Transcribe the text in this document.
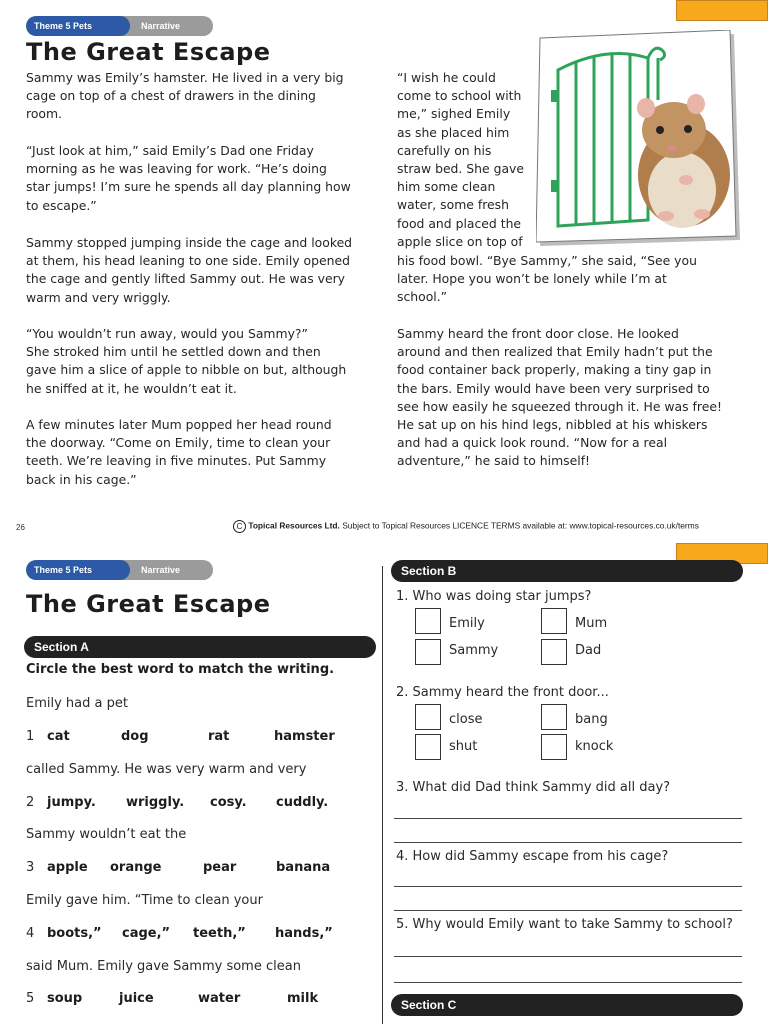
Theme 5 Pets	Narrative
The Great Escape
Sammy was Emily’s hamster. He lived in a very big
cage on top of a chest of drawers in the dining
room.
“Just look at him,” said Emily’s Dad one Friday
morning as he was leaving for work. “He’s doing
star jumps! I’m sure he spends all day planning how
to escape.”
Sammy stopped jumping inside the cage and looked
at them, his head leaning to one side. Emily opened
the cage and gently lifted Sammy out. He was very
warm and very wriggly.
“You wouldn’t run away, would you Sammy?”
She stroked him until he settled down and then
gave him a slice of apple to nibble on but, although
he sniffed at it, he wouldn’t eat it.
A few minutes later Mum popped her head round
the doorway. “Come on Emily, time to clean your
teeth. We’re leaving in five minutes. Put Sammy
back in his cage.”
“I wish he could
come to school with
me,” sighed Emily
as she placed him
carefully on his
straw bed. She gave
him some clean
water, some fresh
food and placed the
apple slice on top of
his food bowl. “Bye Sammy,” she said, “See you
later. Hope you won’t be lonely while I’m at
school.”
Sammy heard the front door close. He looked
around and then realized that Emily hadn’t put the
food container back properly, making a tiny gap in
the bars. Emily would have been very surprised to
see how easily he squeezed through it. He was free!
He sat up on his hind legs, nibbled at his whiskers
and had a quick look round. “Now for a real
adventure,” he said to himself!
26	C Topical Resources Ltd. Subject to Topical Resources LICENCE TERMS available at: www.topical-resources.co.uk/terms
Theme 5 Pets	Narrative
The Great Escape
Section A
Circle the best word to match the writing.
Emily had a pet
1 cat	dog	rat	hamster
called Sammy. He was very warm and very
2 jumpy. wriggly. cosy. cuddly.
Sammy wouldn’t eat the
3 apple orange	pear	banana
Emily gave him. “Time to clean your
4 boots,” cage,” teeth,” hands,”
said Mum. Emily gave Sammy some clean
5 soup	juice	water	milk
Section B
1. Who was doing star jumps?
Emily	Mum
Sammy	Dad
2. Sammy heard the front door...
close	bang
shut	knock
3. What did Dad think Sammy did all day?
4. How did Sammy escape from his cage?
5. Why would Emily want to take Sammy to school?
Section C
